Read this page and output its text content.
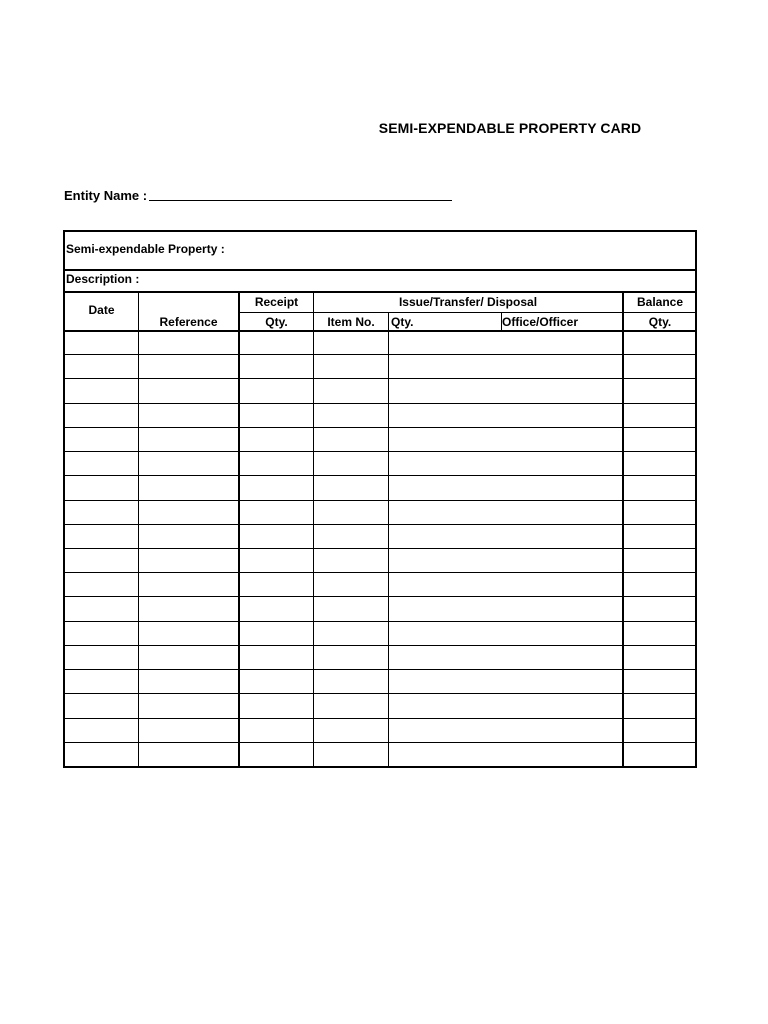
SEMI-EXPENDABLE PROPERTY CARD
Entity Name :
Semi-expendable Property :
Description :
Date
Reference
Receipt
Qty.
Issue/Transfer/ Disposal
Item No.	Qty.	Office/Officer
Balance
Qty.
